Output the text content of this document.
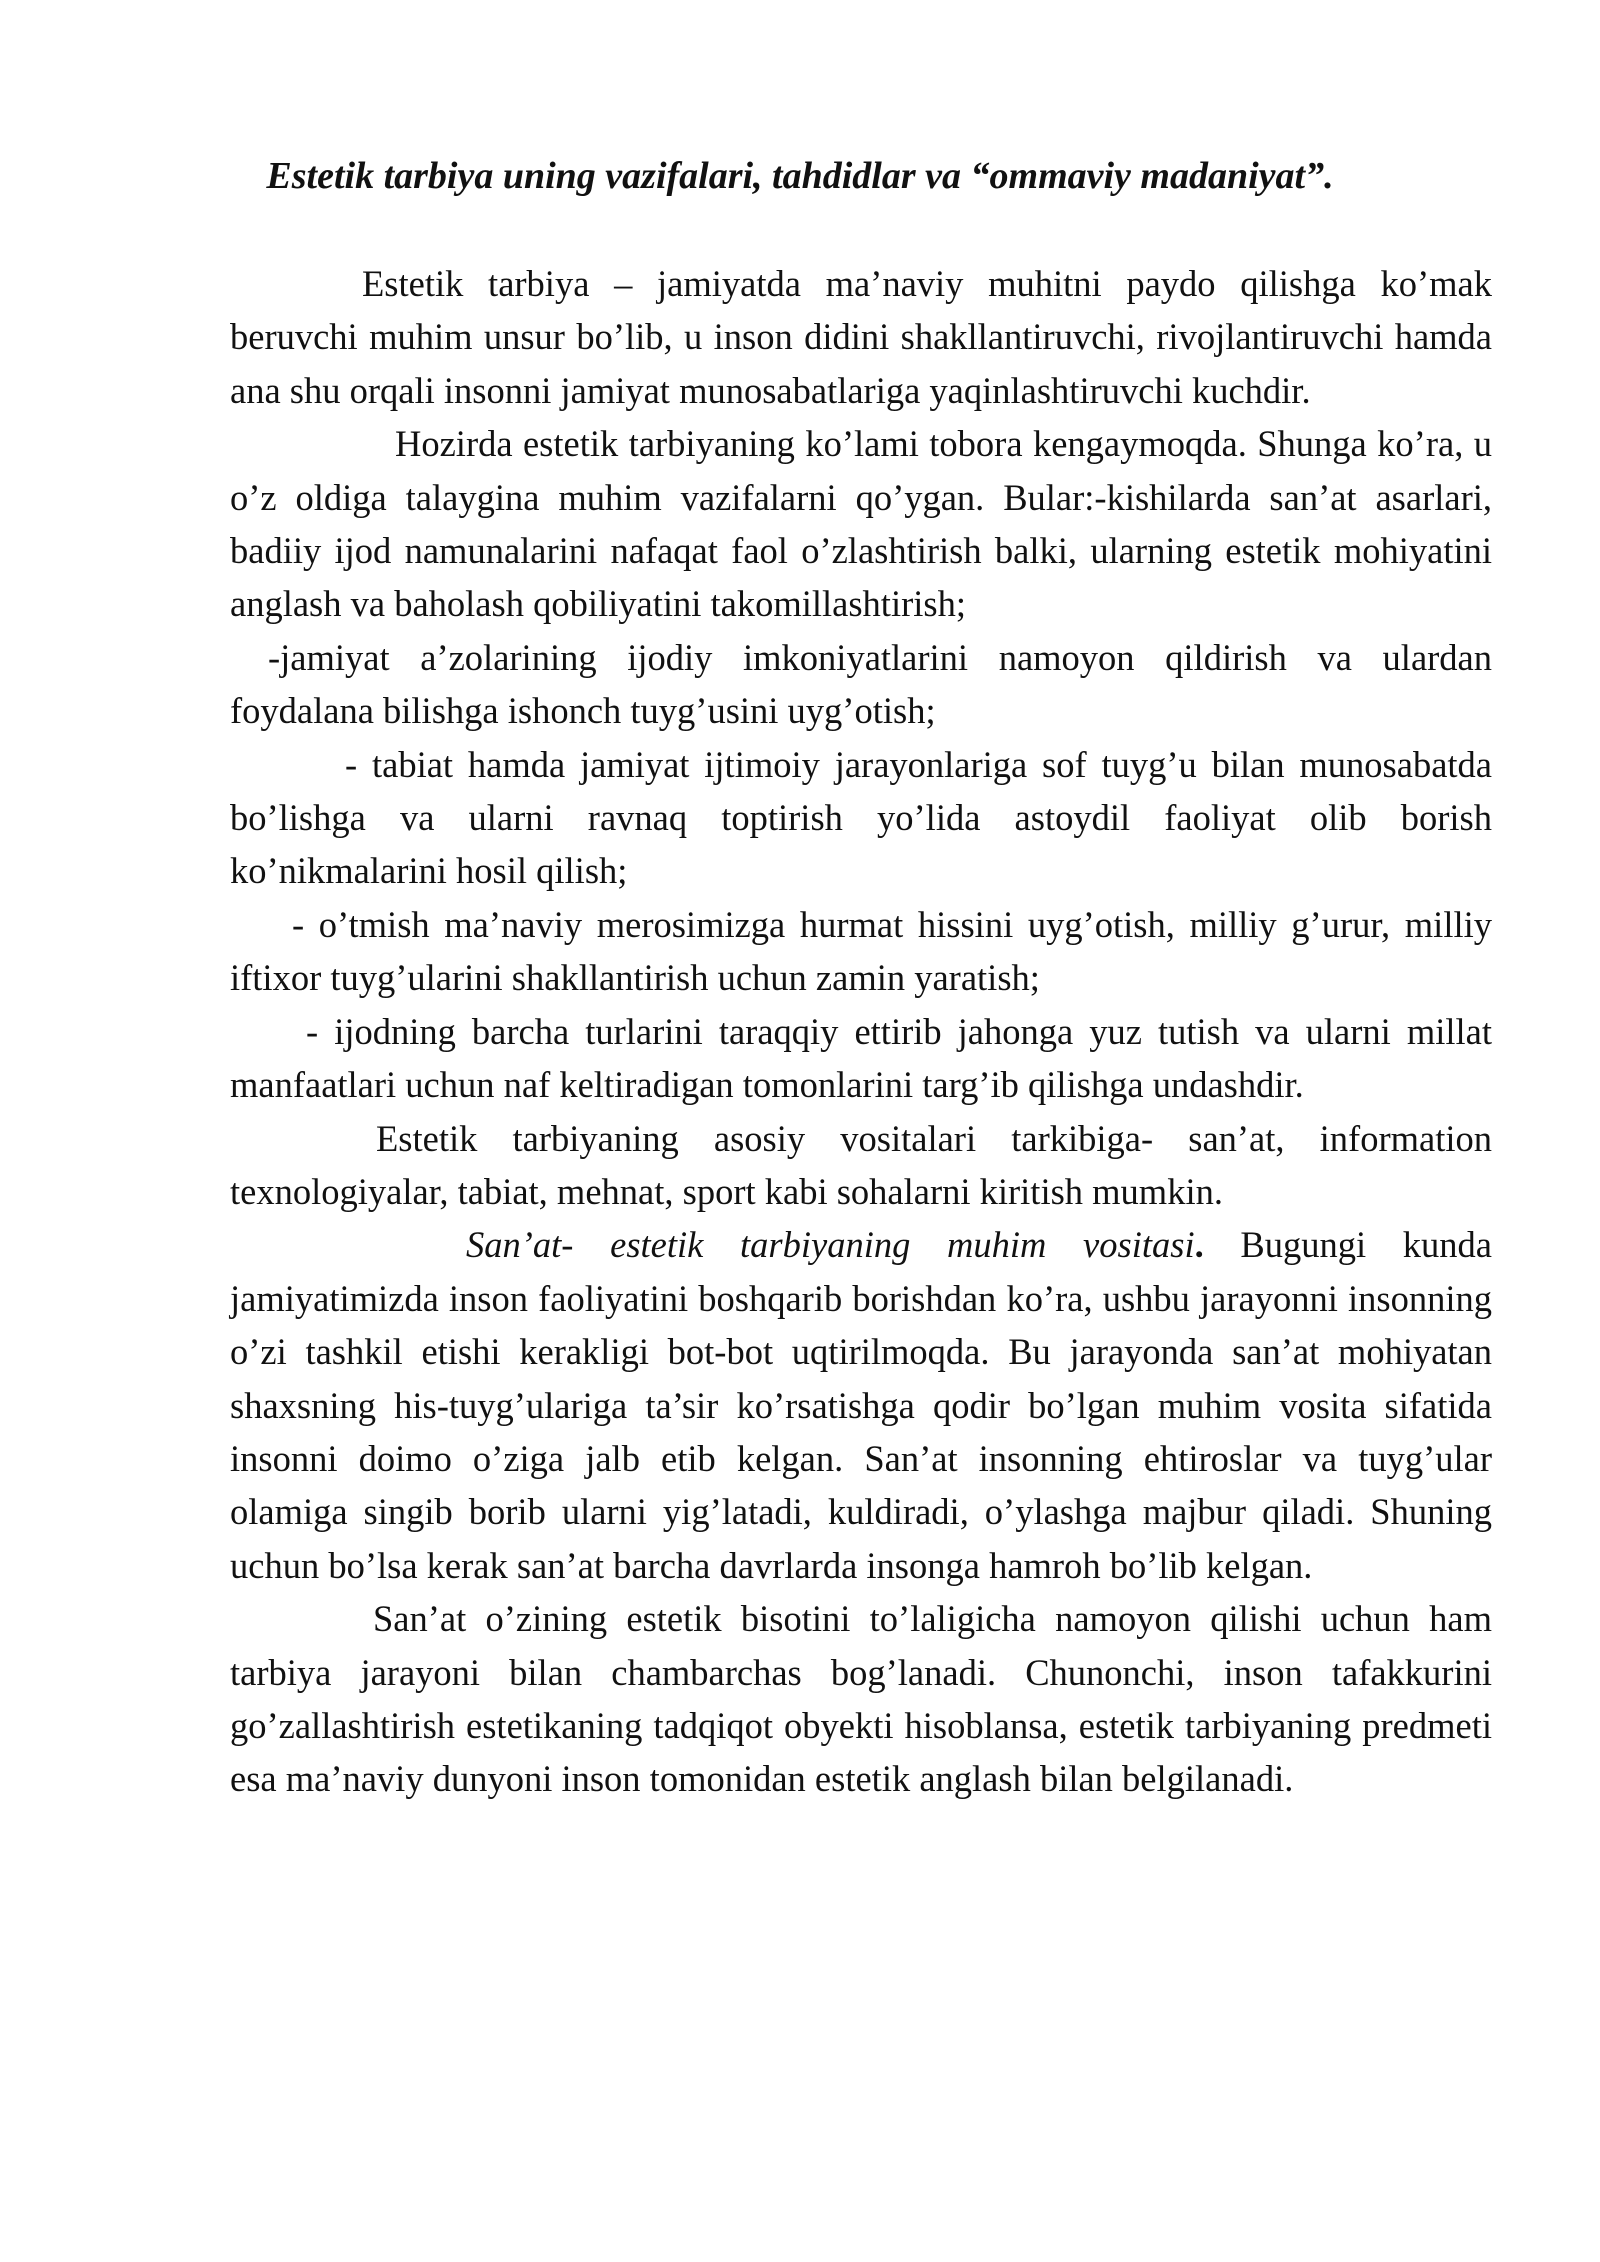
Estetik tarbiya uning vazifalari, tahdidlar va “ommaviy madaniyat”.

Estetik tarbiya – jamiyatda ma’naviy muhitni paydo qilishga ko’mak beruvchi muhim unsur bo’lib, u inson didini shakllantiruvchi, rivojlantiruvchi hamda ana shu orqali insonni jamiyat munosabatlariga yaqinlashtiruvchi kuchdir.

Hozirda estetik tarbiyaning ko’lami tobora kengaymoqda. Shunga ko’ra, u o’z oldiga talaygina muhim vazifalarni qo’ygan. Bular:-kishilarda san’at asarlari, badiiy ijod namunalarini nafaqat faol o’zlashtirish balki, ularning estetik mohiyatini anglash va baholash qobiliyatini takomillashtirish;

-jamiyat a’zolarining ijodiy imkoniyatlarini namoyon qildirish va ulardan foydalana bilishga ishonch tuyg’usini uyg’otish;

- tabiat hamda jamiyat ijtimoiy jarayonlariga sof tuyg’u bilan munosabatda bo’lishga va ularni ravnaq toptirish yo’lida astoydil faoliyat olib borish ko’nikmalarini hosil qilish;

- o’tmish ma’naviy merosimizga hurmat hissini uyg’otish, milliy g’urur, milliy iftixor tuyg’ularini shakllantirish uchun zamin yaratish;

- ijodning barcha turlarini taraqqiy ettirib jahonga yuz tutish va ularni millat manfaatlari uchun naf keltiradigan tomonlarini targ’ib qilishga undashdir.

Estetik tarbiyaning asosiy vositalari tarkibiga- san’at, information texnologiyalar, tabiat, mehnat, sport kabi sohalarni kiritish mumkin.

San’at- estetik tarbiyaning muhim vositasi. Bugungi kunda jamiyatimizda inson faoliyatini boshqarib borishdan ko’ra, ushbu jarayonni insonning o’zi tashkil etishi kerakligi bot-bot uqtirilmoqda. Bu jarayonda san’at mohiyatan shaxsning his-tuyg’ulariga ta’sir ko’rsatishga qodir bo’lgan muhim vosita sifatida insonni doimo o’ziga jalb etib kelgan. San’at insonning ehtiroslar va tuyg’ular olamiga singib borib ularni yig’latadi, kuldiradi, o’ylashga majbur qiladi. Shuning uchun bo’lsa kerak san’at barcha davrlarda insonga hamroh bo’lib kelgan.

San’at o’zining estetik bisotini to’laligicha namoyon qilishi uchun ham tarbiya jarayoni bilan chambarchas bog’lanadi. Chunonchi, inson tafakkurini go’zallashtirish estetikaning tadqiqot obyekti hisoblansa, estetik tarbiyaning predmeti esa ma’naviy dunyoni inson tomonidan estetik anglash bilan belgilanadi.
